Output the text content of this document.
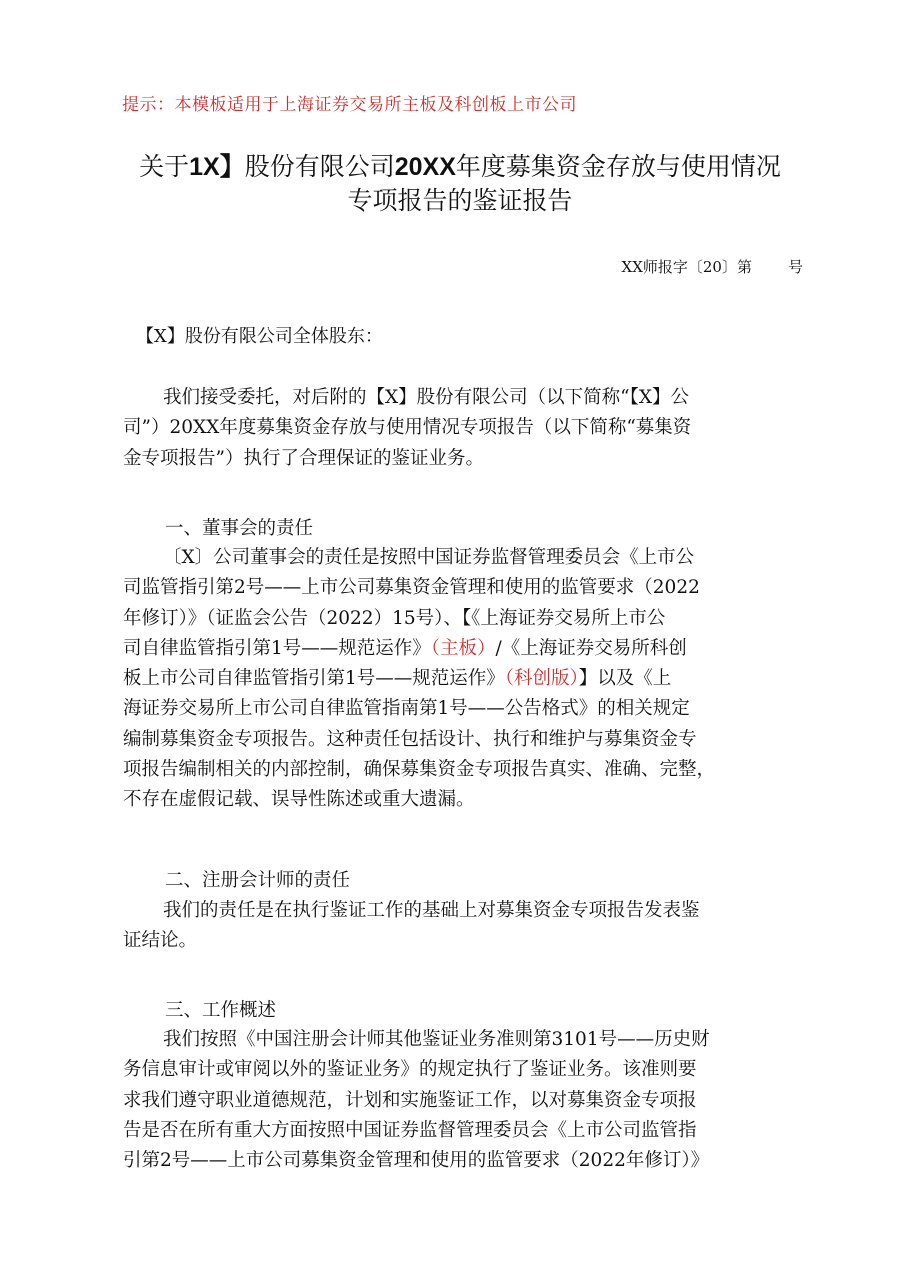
提示：本模板适用于上海证券交易所主板及科创板上市公司
关于1X】股份有限公司20XX年度募集资金存放与使用情况
专项报告的鉴证报告
XX师报字〔20〕第 号
【X】股份有限公司全体股东：
我们接受委托，对后附的【X】股份有限公司（以下简称“【X】公
司”）20XX年度募集资金存放与使用情况专项报告（以下简称“募集资
金专项报告”）执行了合理保证的鉴证业务。
一、董事会的责任
〔X〕公司董事会的责任是按照中国证券监督管理委员会《上市公
司监管指引第2号——上市公司募集资金管理和使用的监管要求（2022
年修订）》（证监会公告（2022）15号）、【《上海证券交易所上市公
司自律监管指引第1号——规范运作》（主板）/《上海证券交易所科创
板上市公司自律监管指引第1号——规范运作》（科创版）】以及《上
海证券交易所上市公司自律监管指南第1号——公告格式》的相关规定
编制募集资金专项报告。这种责任包括设计、执行和维护与募集资金专
项报告编制相关的内部控制，确保募集资金专项报告真实、准确、完整，
不存在虚假记载、误导性陈述或重大遗漏。
二、注册会计师的责任
我们的责任是在执行鉴证工作的基础上对募集资金专项报告发表鉴
证结论。
三、工作概述
我们按照《中国注册会计师其他鉴证业务准则第3101号——历史财
务信息审计或审阅以外的鉴证业务》的规定执行了鉴证业务。该准则要
求我们遵守职业道德规范，计划和实施鉴证工作，以对募集资金专项报
告是否在所有重大方面按照中国证券监督管理委员会《上市公司监管指
引第2号——上市公司募集资金管理和使用的监管要求（2022年修订）》
